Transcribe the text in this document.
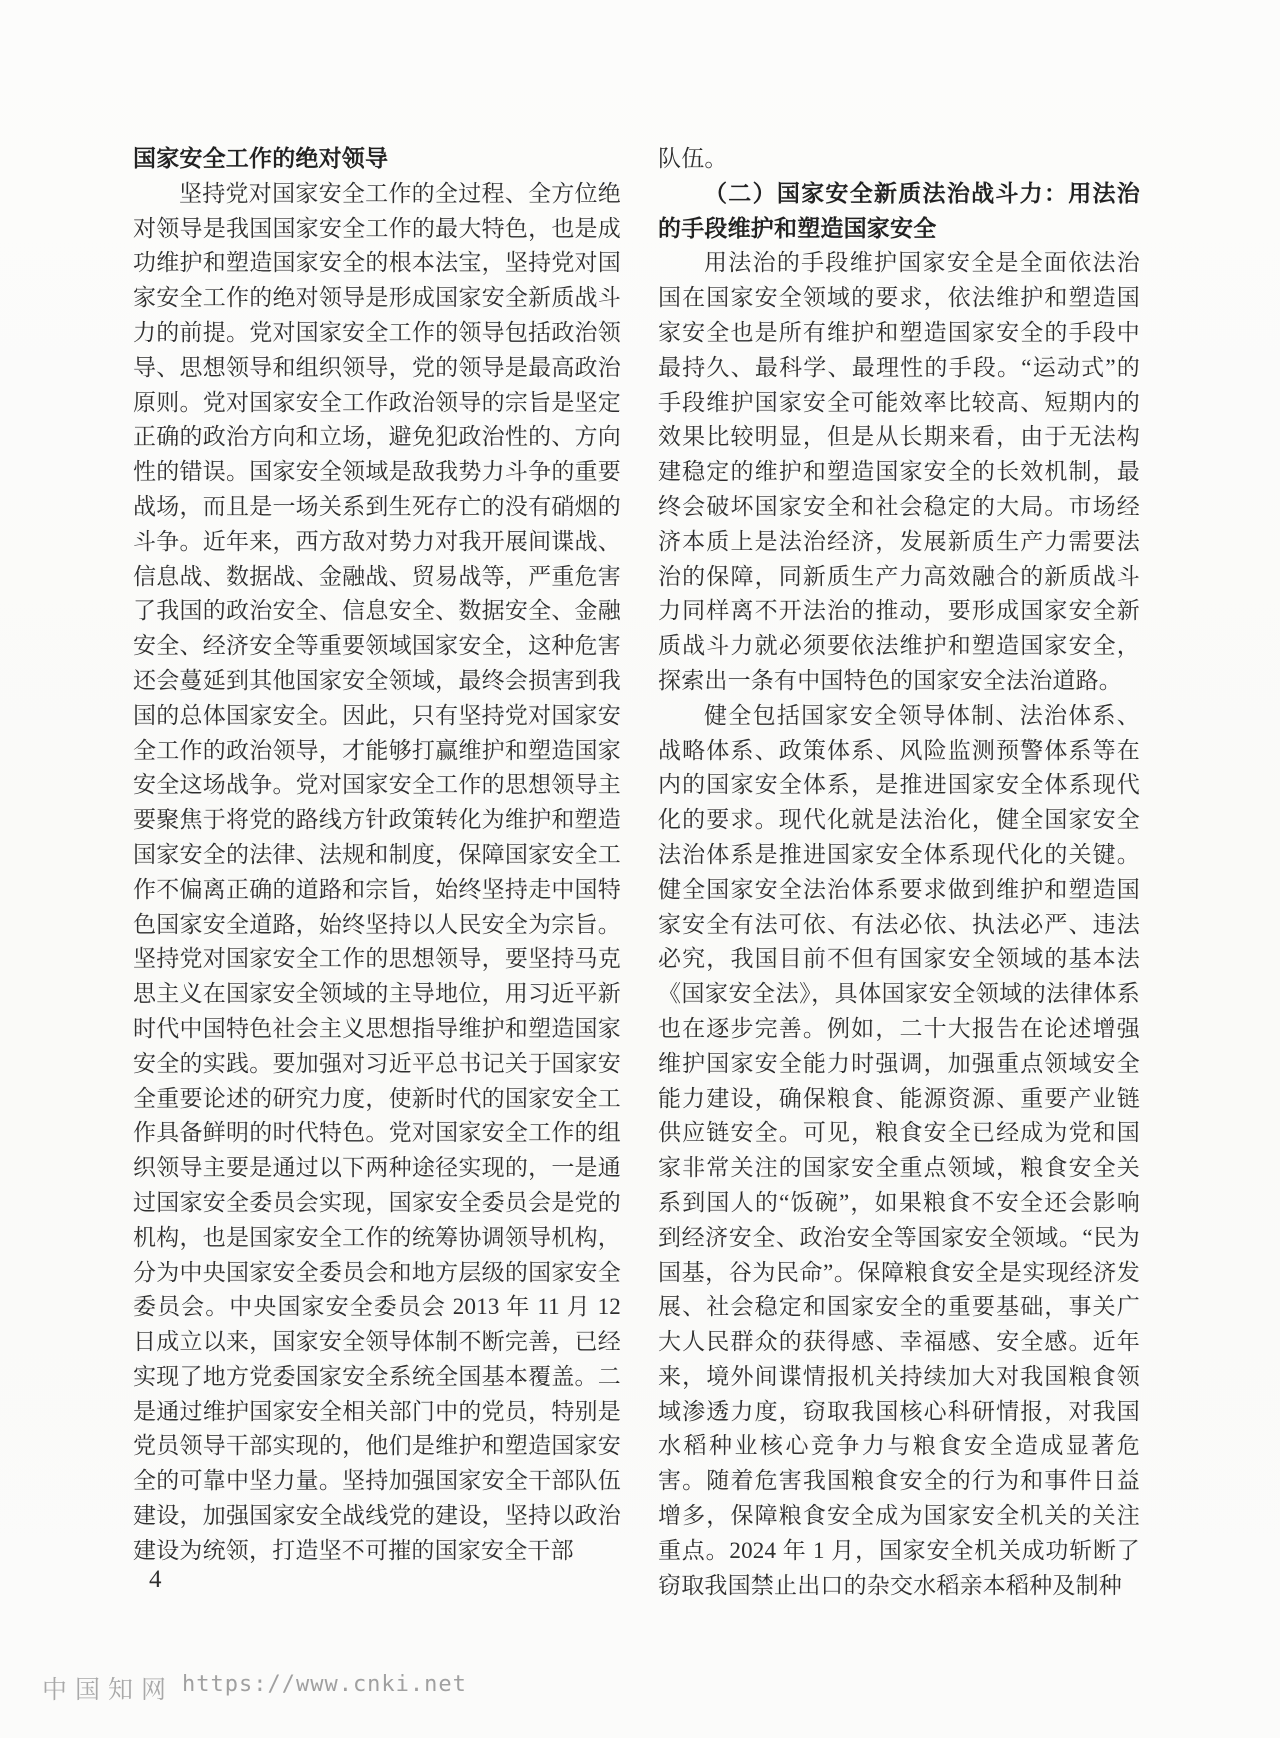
国家安全工作的绝对领导

坚持党对国家安全工作的全过程、全方位绝对领导是我国国家安全工作的最大特色，也是成功维护和塑造国家安全的根本法宝，坚持党对国家安全工作的绝对领导是形成国家安全新质战斗力的前提。党对国家安全工作的领导包括政治领导、思想领导和组织领导，党的领导是最高政治原则。党对国家安全工作政治领导的宗旨是坚定正确的政治方向和立场，避免犯政治性的、方向性的错误。国家安全领域是敌我势力斗争的重要战场，而且是一场关系到生死存亡的没有硝烟的斗争。近年来，西方敌对势力对我开展间谍战、信息战、数据战、金融战、贸易战等，严重危害了我国的政治安全、信息安全、数据安全、金融安全、经济安全等重要领域国家安全，这种危害还会蔓延到其他国家安全领域，最终会损害到我国的总体国家安全。因此，只有坚持党对国家安全工作的政治领导，才能够打赢维护和塑造国家安全这场战争。党对国家安全工作的思想领导主要聚焦于将党的路线方针政策转化为维护和塑造国家安全的法律、法规和制度，保障国家安全工作不偏离正确的道路和宗旨，始终坚持走中国特色国家安全道路，始终坚持以人民安全为宗旨。坚持党对国家安全工作的思想领导，要坚持马克思主义在国家安全领域的主导地位，用习近平新时代中国特色社会主义思想指导维护和塑造国家安全的实践。要加强对习近平总书记关于国家安全重要论述的研究力度，使新时代的国家安全工作具备鲜明的时代特色。党对国家安全工作的组织领导主要是通过以下两种途径实现的，一是通过国家安全委员会实现，国家安全委员会是党的机构，也是国家安全工作的统筹协调领导机构，分为中央国家安全委员会和地方层级的国家安全委员会。中央国家安全委员会 2013 年 11 月 12 日成立以来，国家安全领导体制不断完善，已经实现了地方党委国家安全系统全国基本覆盖。二是通过维护国家安全相关部门中的党员，特别是党员领导干部实现的，他们是维护和塑造国家安全的可靠中坚力量。坚持加强国家安全干部队伍建设，加强国家安全战线党的建设，坚持以政治建设为统领，打造坚不可摧的国家安全干部

队伍。

（二）国家安全新质法治战斗力：用法治的手段维护和塑造国家安全

用法治的手段维护国家安全是全面依法治国在国家安全领域的要求，依法维护和塑造国家安全也是所有维护和塑造国家安全的手段中最持久、最科学、最理性的手段。“运动式”的手段维护国家安全可能效率比较高、短期内的效果比较明显，但是从长期来看，由于无法构建稳定的维护和塑造国家安全的长效机制，最终会破坏国家安全和社会稳定的大局。市场经济本质上是法治经济，发展新质生产力需要法治的保障，同新质生产力高效融合的新质战斗力同样离不开法治的推动，要形成国家安全新质战斗力就必须要依法维护和塑造国家安全，探索出一条有中国特色的国家安全法治道路。

健全包括国家安全领导体制、法治体系、战略体系、政策体系、风险监测预警体系等在内的国家安全体系，是推进国家安全体系现代化的要求。现代化就是法治化，健全国家安全法治体系是推进国家安全体系现代化的关键。健全国家安全法治体系要求做到维护和塑造国家安全有法可依、有法必依、执法必严、违法必究，我国目前不但有国家安全领域的基本法《国家安全法》，具体国家安全领域的法律体系也在逐步完善。例如，二十大报告在论述增强维护国家安全能力时强调，加强重点领域安全能力建设，确保粮食、能源资源、重要产业链供应链安全。可见，粮食安全已经成为党和国家非常关注的国家安全重点领域，粮食安全关系到国人的“饭碗”，如果粮食不安全还会影响到经济安全、政治安全等国家安全领域。“民为国基，谷为民命”。保障粮食安全是实现经济发展、社会稳定和国家安全的重要基础，事关广大人民群众的获得感、幸福感、安全感。近年来，境外间谍情报机关持续加大对我国粮食领域渗透力度，窃取我国核心科研情报，对我国水稻种业核心竞争力与粮食安全造成显著危害。随着危害我国粮食安全的行为和事件日益增多，保障粮食安全成为国家安全机关的关注重点。2024 年 1 月，国家安全机关成功斩断了窃取我国禁止出口的杂交水稻亲本稻种及制种

4
中国知网 https://www.cnki.net
